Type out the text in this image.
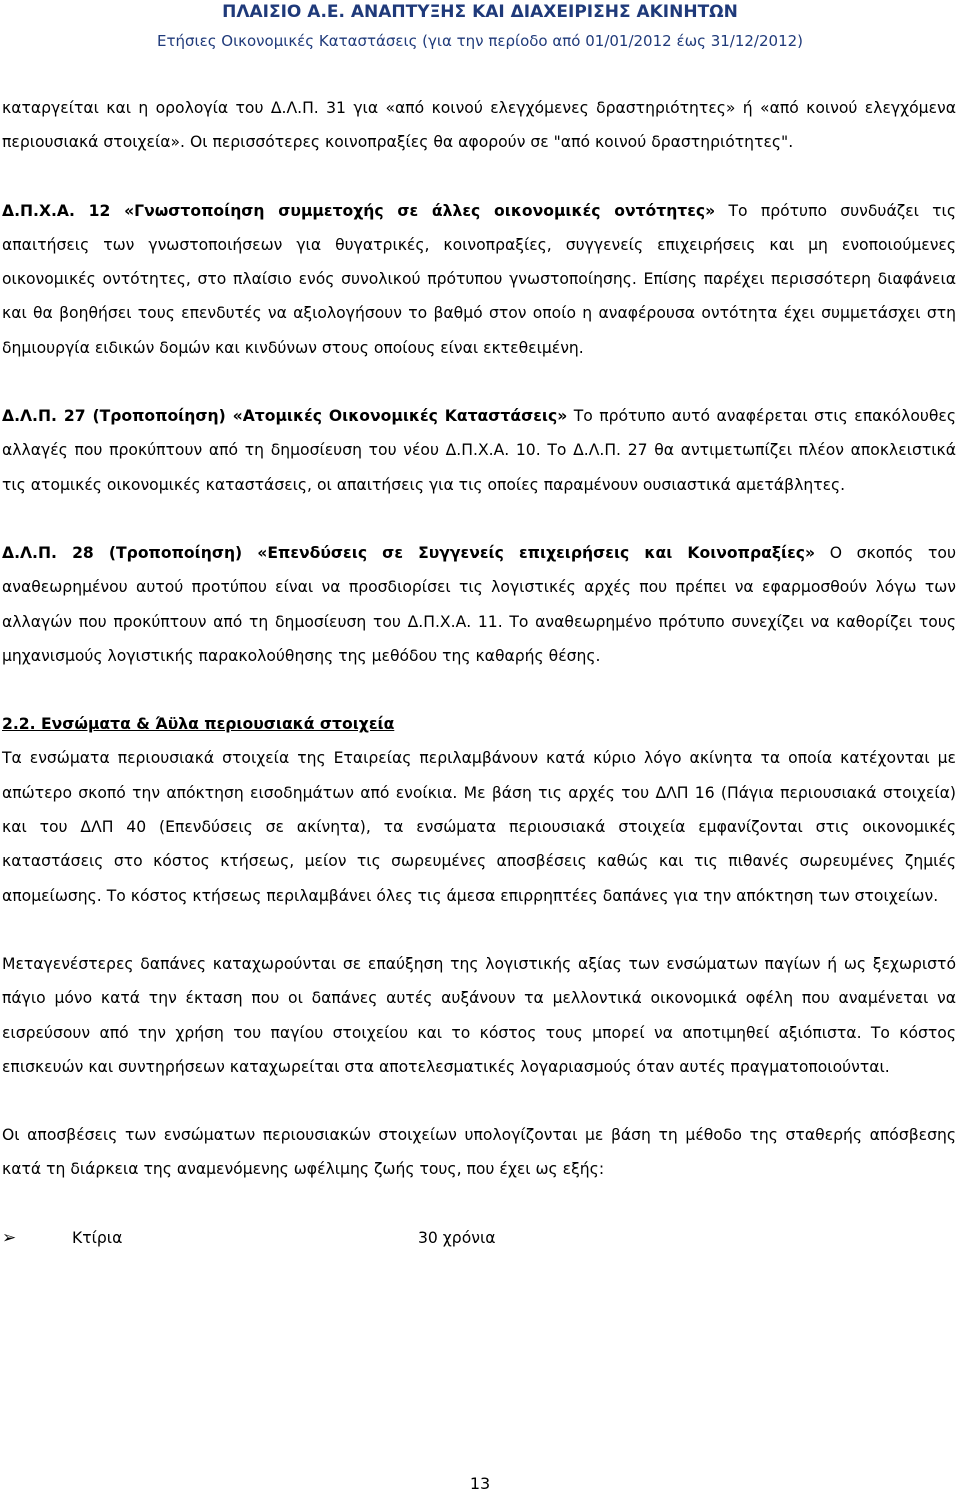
ΠΛΑΙΣΙΟ Α.Ε. ΑΝΑΠΤΥΞΗΣ ΚΑΙ ΔΙΑΧΕΙΡΙΣΗΣ ΑΚΙΝΗΤΩΝ
Ετήσιες Οικονομικές Καταστάσεις (για την περίοδο από 01/01/2012 έως 31/12/2012)

καταργείται και η ορολογία του Δ.Λ.Π. 31 για «από κοινού ελεγχόμενες δραστηριότητες» ή «από κοινού ελεγχόμενα περιουσιακά στοιχεία». Οι περισσότερες κοινοπραξίες θα αφορούν σε "από κοινού δραστηριότητες".

Δ.Π.Χ.Α. 12 «Γνωστοποίηση συμμετοχής σε άλλες οικονομικές οντότητες» Το πρότυπο συνδυάζει τις απαιτήσεις των γνωστοποιήσεων για θυγατρικές, κοινοπραξίες, συγγενείς επιχειρήσεις και μη ενοποιούμενες οικονομικές οντότητες, στο πλαίσιο ενός συνολικού πρότυπου γνωστοποίησης. Επίσης παρέχει περισσότερη διαφάνεια και θα βοηθήσει τους επενδυτές να αξιολογήσουν το βαθμό στον οποίο η αναφέρουσα οντότητα έχει συμμετάσχει στη δημιουργία ειδικών δομών και κινδύνων στους οποίους είναι εκτεθειμένη.

Δ.Λ.Π. 27 (Τροποποίηση) «Ατομικές Οικονομικές Καταστάσεις» Το πρότυπο αυτό αναφέρεται στις επακόλουθες αλλαγές που προκύπτουν από τη δημοσίευση του νέου Δ.Π.Χ.Α. 10. Το Δ.Λ.Π. 27 θα αντιμετωπίζει πλέον αποκλειστικά τις ατομικές οικονομικές καταστάσεις, οι απαιτήσεις για τις οποίες παραμένουν ουσιαστικά αμετάβλητες.

Δ.Λ.Π. 28 (Τροποποίηση) «Επενδύσεις σε Συγγενείς επιχειρήσεις και Κοινοπραξίες» Ο σκοπός του αναθεωρημένου αυτού προτύπου είναι να προσδιορίσει τις λογιστικές αρχές που πρέπει να εφαρμοσθούν λόγω των αλλαγών που προκύπτουν από τη δημοσίευση του Δ.Π.Χ.Α. 11. Το αναθεωρημένο πρότυπο συνεχίζει να καθορίζει τους μηχανισμούς λογιστικής παρακολούθησης της μεθόδου της καθαρής θέσης.

2.2. Ενσώματα & Άϋλα περιουσιακά στοιχεία

Τα ενσώματα περιουσιακά στοιχεία της Εταιρείας περιλαμβάνουν κατά κύριο λόγο ακίνητα τα οποία κατέχονται με απώτερο σκοπό την απόκτηση εισοδημάτων από ενοίκια. Με βάση τις αρχές του ΔΛΠ 16 (Πάγια περιουσιακά στοιχεία) και του ΔΛΠ 40 (Επενδύσεις σε ακίνητα), τα ενσώματα περιουσιακά στοιχεία εμφανίζονται στις οικονομικές καταστάσεις στο κόστος κτήσεως, μείον τις σωρευμένες αποσβέσεις καθώς και τις πιθανές σωρευμένες ζημιές απομείωσης. Το κόστος κτήσεως περιλαμβάνει όλες τις άμεσα επιρρηπτέες δαπάνες για την απόκτηση των στοιχείων.

Μεταγενέστερες δαπάνες καταχωρούνται σε επαύξηση της λογιστικής αξίας των ενσώματων παγίων ή ως ξεχωριστό πάγιο μόνο κατά την έκταση που οι δαπάνες αυτές αυξάνουν τα μελλοντικά οικονομικά οφέλη που αναμένεται να εισρεύσουν από την χρήση του παγίου στοιχείου και το κόστος τους μπορεί να αποτιμηθεί αξιόπιστα. Το κόστος επισκευών και συντηρήσεων καταχωρείται στα αποτελεσματικές λογαριασμούς όταν αυτές πραγματοποιούνται.

Οι αποσβέσεις των ενσώματων περιουσιακών στοιχείων υπολογίζονται με βάση τη μέθοδο της σταθερής απόσβεσης κατά τη διάρκεια της αναμενόμενης ωφέλιμης ζωής τους, που έχει ως εξής:

➢	Κτίρια	30 χρόνια
13
